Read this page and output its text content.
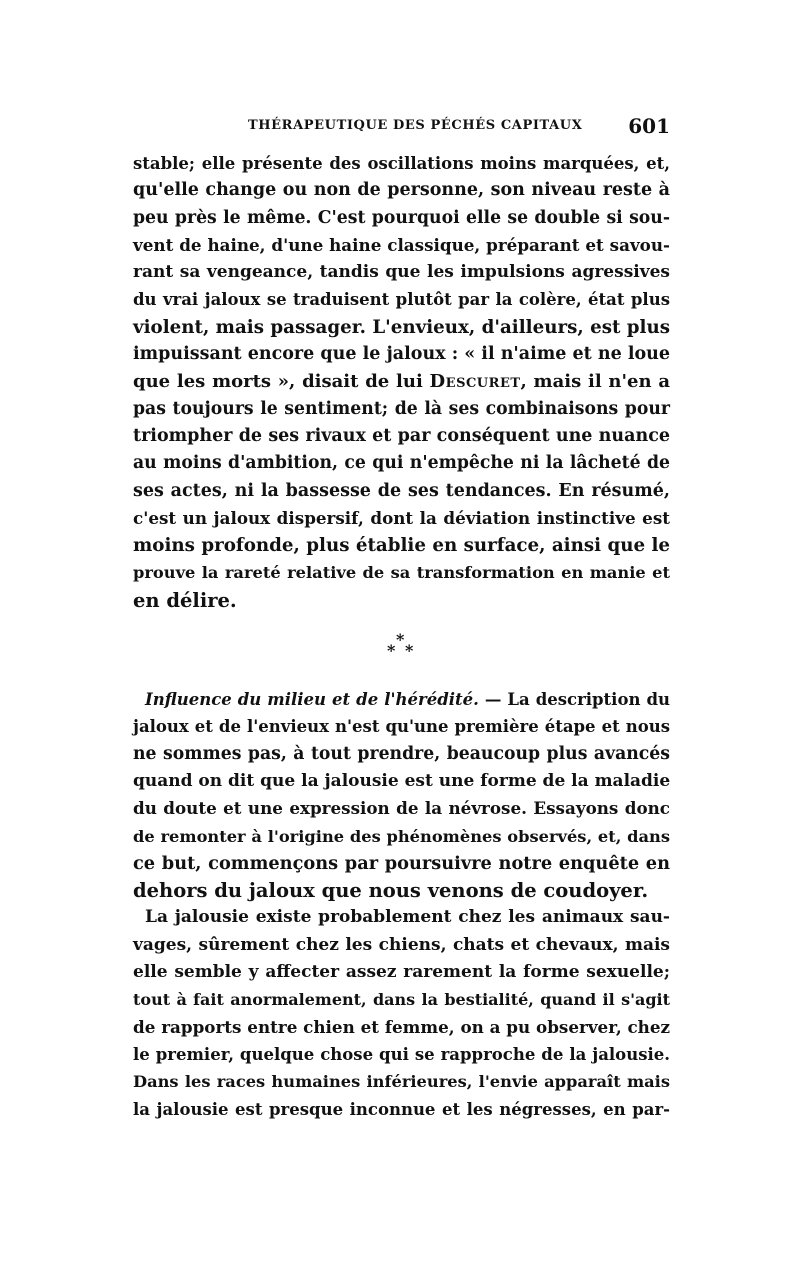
THÉRAPEUTIQUE DES PÉCHÉS CAPITAUX 601
stable; elle présente des oscillations moins marquées, et,
qu'elle change ou non de personne, son niveau reste à
peu près le même. C'est pourquoi elle se double si sou-
vent de haine, d'une haine classique, préparant et savou-
rant sa vengeance, tandis que les impulsions agressives
du vrai jaloux se traduisent plutôt par la colère, état plus
violent, mais passager. L'envieux, d'ailleurs, est plus
impuissant encore que le jaloux : « il n'aime et ne loue
que les morts », disait de lui Descuret, mais il n'en a
pas toujours le sentiment; de là ses combinaisons pour
triompher de ses rivaux et par conséquent une nuance
au moins d'ambition, ce qui n'empêche ni la lâcheté de
ses actes, ni la bassesse de ses tendances. En résumé,
c'est un jaloux dispersif, dont la déviation instinctive est
moins profonde, plus établie en surface, ainsi que le
prouve la rareté relative de sa transformation en manie et
en délire.
*
* *
Influence du milieu et de l'hérédité. — La description du
jaloux et de l'envieux n'est qu'une première étape et nous
ne sommes pas, à tout prendre, beaucoup plus avancés
quand on dit que la jalousie est une forme de la maladie
du doute et une expression de la névrose. Essayons donc
de remonter à l'origine des phénomènes observés, et, dans
ce but, commençons par poursuivre notre enquête en
dehors du jaloux que nous venons de coudoyer.
La jalousie existe probablement chez les animaux sau-
vages, sûrement chez les chiens, chats et chevaux, mais
elle semble y affecter assez rarement la forme sexuelle;
tout à fait anormalement, dans la bestialité, quand il s'agit
de rapports entre chien et femme, on a pu observer, chez
le premier, quelque chose qui se rapproche de la jalousie.
Dans les races humaines inférieures, l'envie apparaît mais
la jalousie est presque inconnue et les négresses, en par-
